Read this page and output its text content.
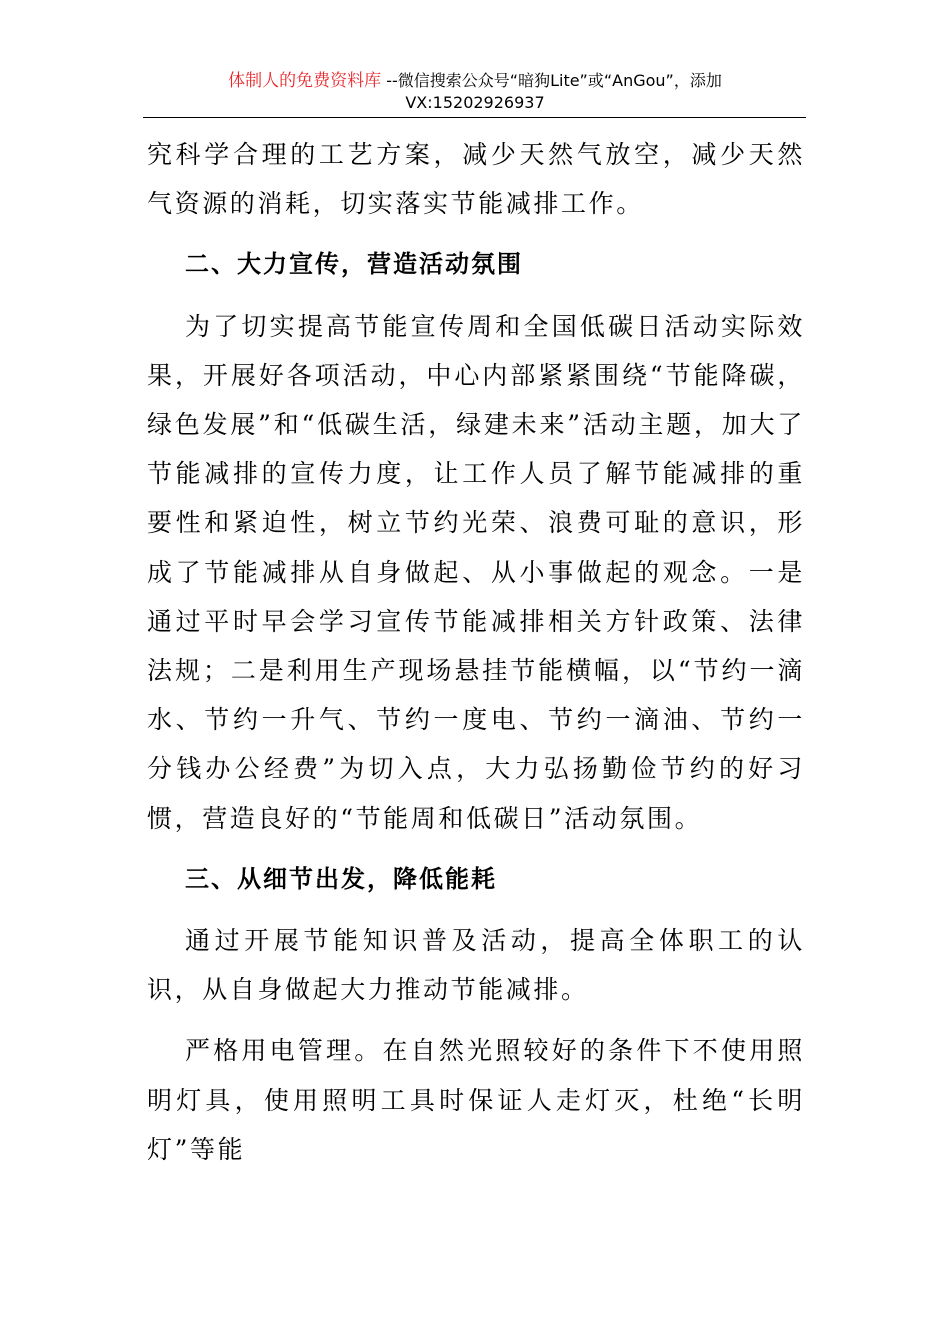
体制人的免费资料库 --微信搜索公众号“暗狗Lite”或“AnGou”，添加
VX:15202926937

究科学合理的工艺方案，减少天然气放空，减少天然气资源的消耗，切实落实节能减排工作。

二、大力宣传，营造活动氛围

为了切实提高节能宣传周和全国低碳日活动实际效果，开展好各项活动，中心内部紧紧围绕“节能降碳，绿色发展”和“低碳生活，绿建未来”活动主题，加大了节能减排的宣传力度，让工作人员了解节能减排的重要性和紧迫性，树立节约光荣、浪费可耻的意识，形成了节能减排从自身做起、从小事做起的观念。一是通过平时早会学习宣传节能减排相关方针政策、法律法规；二是利用生产现场悬挂节能横幅，以“节约一滴水、节约一升气、节约一度电、节约一滴油、节约一分钱办公经费”为切入点，大力弘扬勤俭节约的好习惯，营造良好的“节能周和低碳日”活动氛围。

三、从细节出发，降低能耗

通过开展节能知识普及活动，提高全体职工的认识，从自身做起大力推动节能减排。

严格用电管理。在自然光照较好的条件下不使用照明灯具，使用照明工具时保证人走灯灭，杜绝“长明灯”等能
